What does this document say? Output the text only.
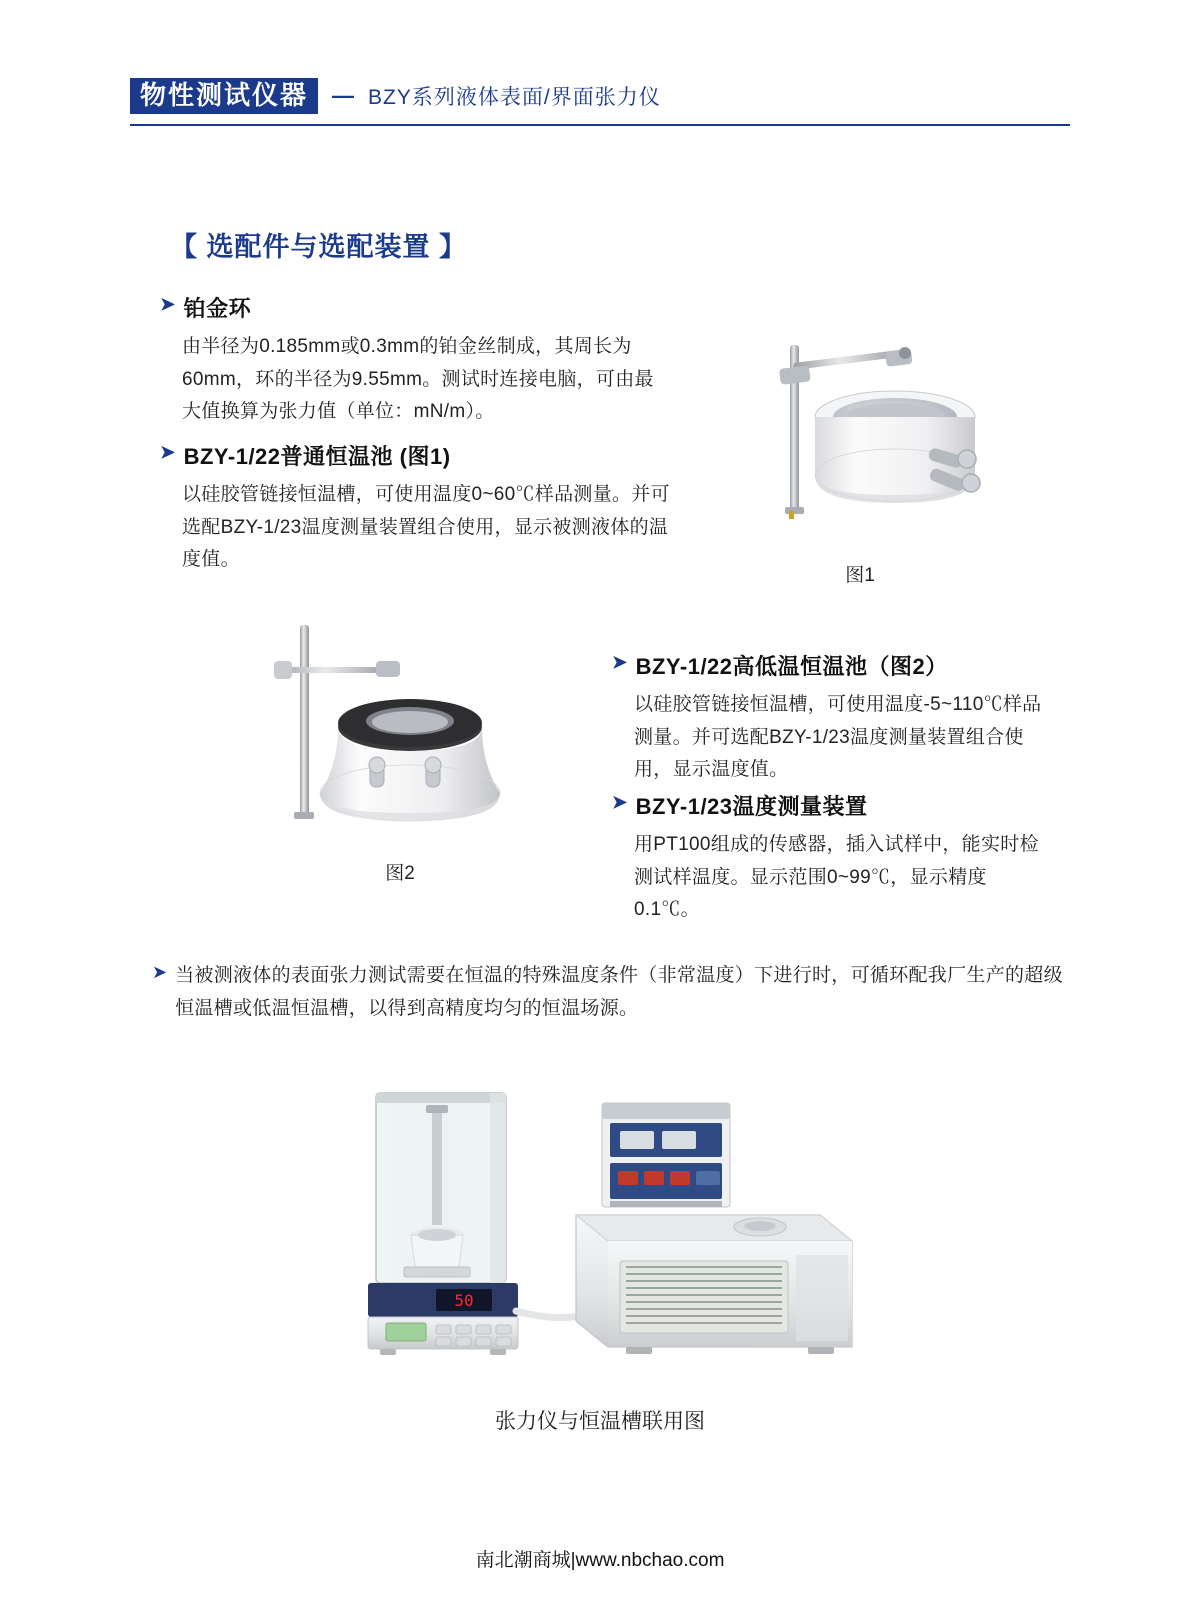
物性测试仪器	— BZY系列液体表面/界面张力仪
【 选配件与选配装置 】
➤ 铂金环
由半径为0.185mm或0.3mm的铂金丝制成，其周长为60mm，环的半径为9.55mm。测试时连接电脑，可由最大值换算为张力值（单位：mN/m）。
➤ BZY-1/22普通恒温池 (图1)
以硅胶管链接恒温槽，可使用温度0~60℃样品测量。并可选配BZY-1/23温度测量装置组合使用，显示被测液体的温度值。
➤ BZY-1/22高低温恒温池（图2）
以硅胶管链接恒温槽，可使用温度-5~110℃样品测量。并可选配BZY-1/23温度测量装置组合使用，显示温度值。
➤ BZY-1/23温度测量装置
用PT100组成的传感器，插入试样中，能实时检测试样温度。显示范围0~99℃，显示精度0.1℃。
➤ 当被测液体的表面张力测试需要在恒温的特殊温度条件（非常温度）下进行时，可循环配我厂生产的超级恒温槽或低温恒温槽，以得到高精度均匀的恒温场源。
图1
图2
50
张力仪与恒温槽联用图
南北潮商城|www.nbchao.com
